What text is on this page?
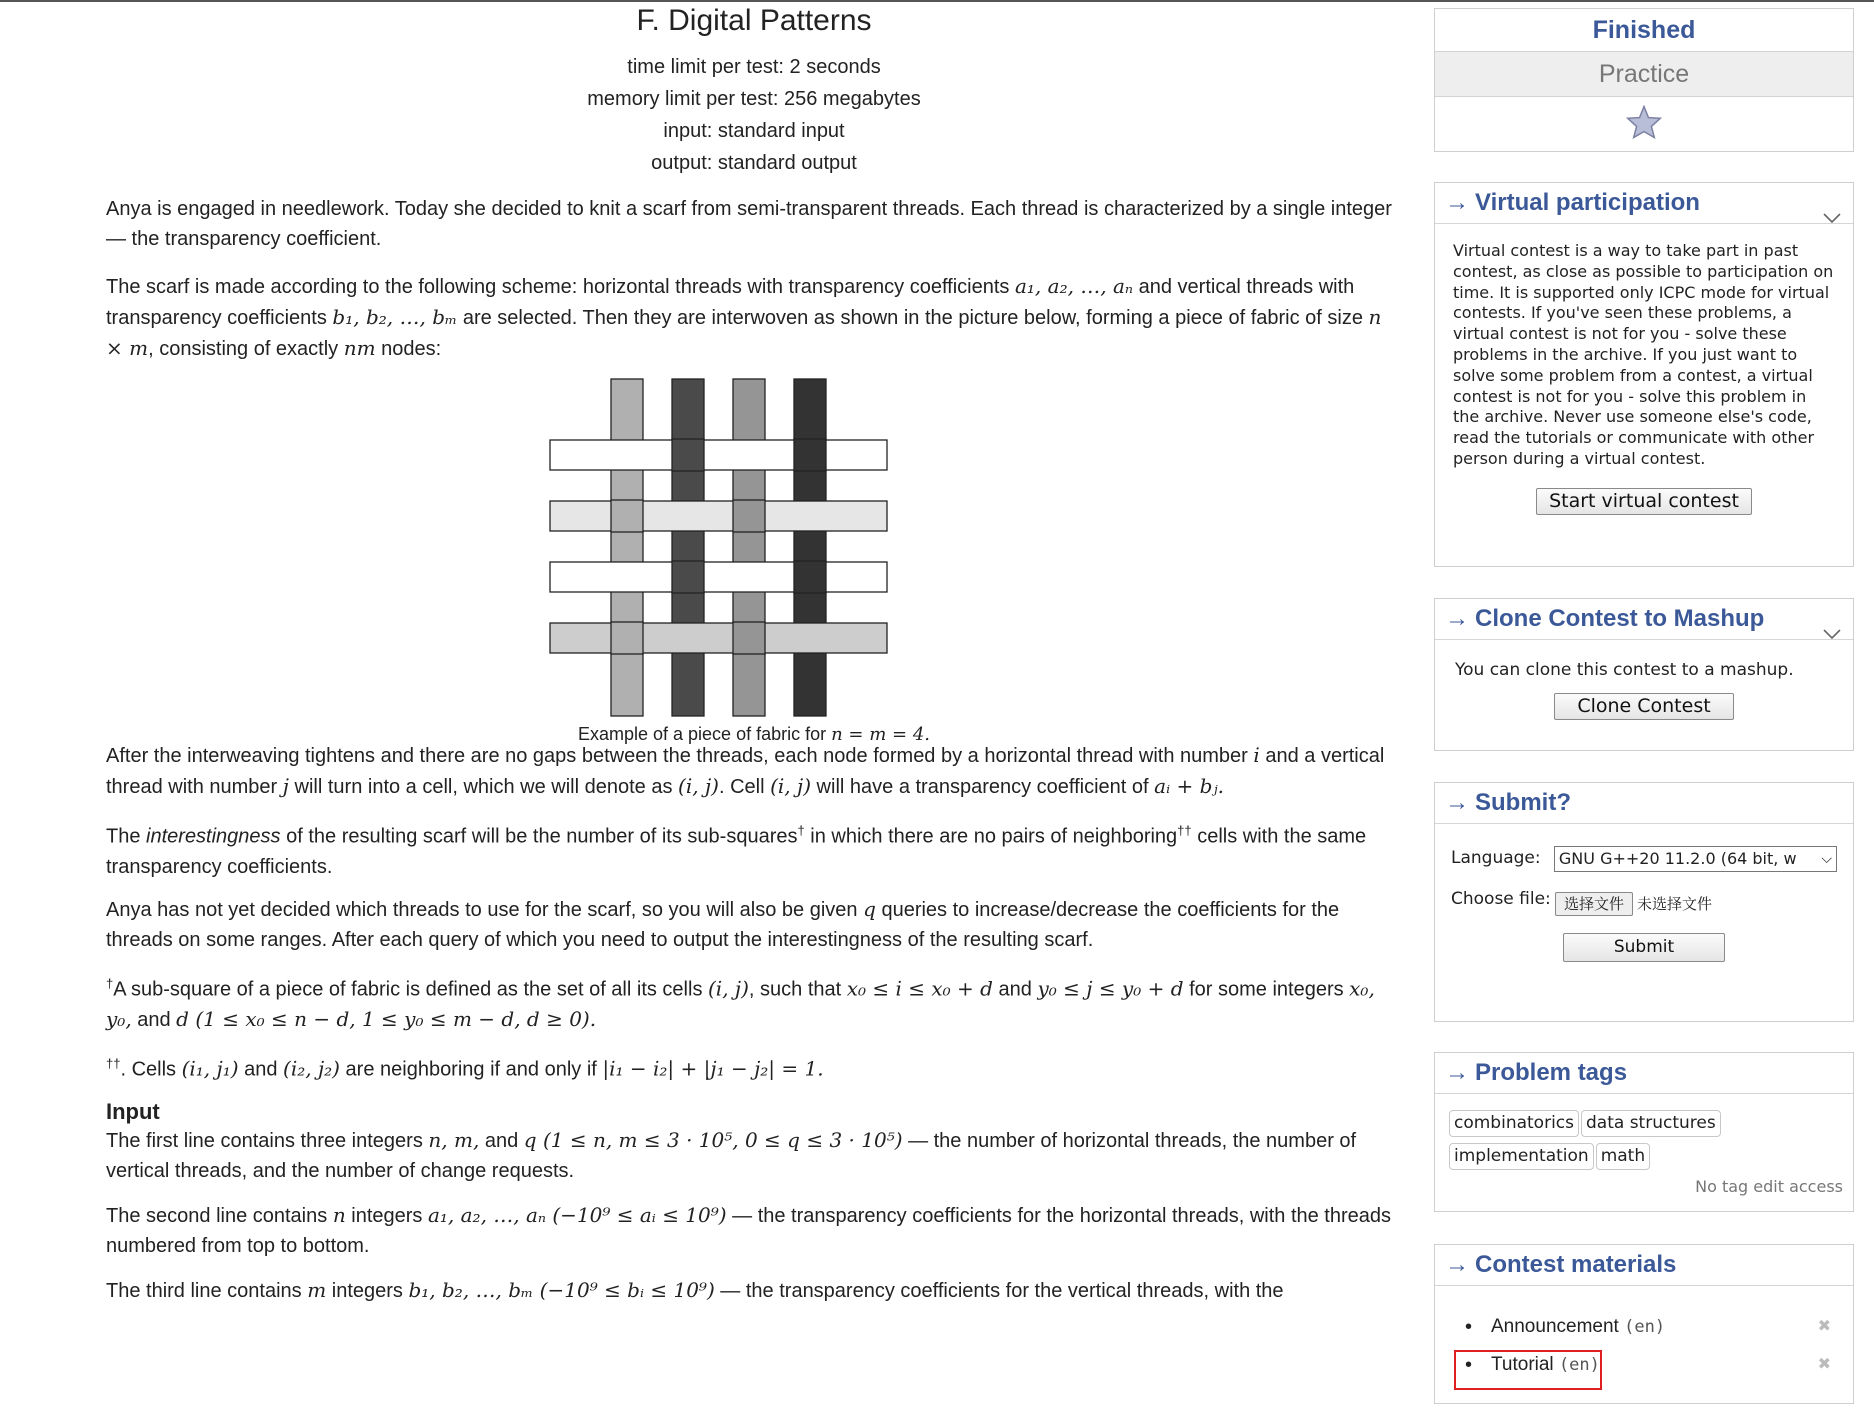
F. Digital Patterns
time limit per test: 2 seconds
memory limit per test: 256 megabytes
input: standard input
output: standard output
Anya is engaged in needlework. Today she decided to knit a scarf from semi-transparent threads. Each thread is characterized by a single integer — the transparency coefficient.
The scarf is made according to the following scheme: horizontal threads with transparency coefficients a₁, a₂, …, aₙ and vertical threads with transparency coefficients b₁, b₂, …, bₘ are selected. Then they are interwoven as shown in the picture below, forming a piece of fabric of size n × m, consisting of exactly nm nodes:
Example of a piece of fabric for n = m = 4.
After the interweaving tightens and there are no gaps between the threads, each node formed by a horizontal thread with number i and a vertical thread with number j will turn into a cell, which we will denote as (i, j). Cell (i, j) will have a transparency coefficient of aᵢ + bⱼ.
The interestingness of the resulting scarf will be the number of its sub-squares† in which there are no pairs of neighboring†† cells with the same transparency coefficients.
Anya has not yet decided which threads to use for the scarf, so you will also be given q queries to increase/decrease the coefficients for the threads on some ranges. After each query of which you need to output the interestingness of the resulting scarf.
†A sub-square of a piece of fabric is defined as the set of all its cells (i, j), such that x₀ ≤ i ≤ x₀ + d and y₀ ≤ j ≤ y₀ + d for some integers x₀, y₀, and d (1 ≤ x₀ ≤ n − d, 1 ≤ y₀ ≤ m − d, d ≥ 0).
††. Cells (i₁, j₁) and (i₂, j₂) are neighboring if and only if |i₁ − i₂| + |j₁ − j₂| = 1.
Input
The first line contains three integers n, m, and q (1 ≤ n, m ≤ 3 · 10⁵, 0 ≤ q ≤ 3 · 10⁵) — the number of horizontal threads, the number of vertical threads, and the number of change requests.
The second line contains n integers a₁, a₂, …, aₙ (−10⁹ ≤ aᵢ ≤ 10⁹) — the transparency coefficients for the horizontal threads, with the threads numbered from top to bottom.
The third line contains m integers b₁, b₂, …, bₘ (−10⁹ ≤ bᵢ ≤ 10⁹) — the transparency coefficients for the vertical threads, with the
Finished
Practice
→ Virtual participation
Virtual contest is a way to take part in past contest, as close as possible to participation on time. It is supported only ICPC mode for virtual contests. If you've seen these problems, a virtual contest is not for you - solve these problems in the archive. If you just want to solve some problem from a contest, a virtual contest is not for you - solve this problem in the archive. Never use someone else's code, read the tutorials or communicate with other person during a virtual contest.
Start virtual contest
→ Clone Contest to Mashup
You can clone this contest to a mashup.
Clone Contest
→ Submit?
Language:	GNU G++20 11.2.0 (64 bit, w ⌵
Choose file: 选择文件 未选择文件
Submit
→ Problem tags
combinatorics data structures
implementation math
No tag edit access
→ Contest materials
• Announcement (en)	✖
• Tutorial (en)	✖
